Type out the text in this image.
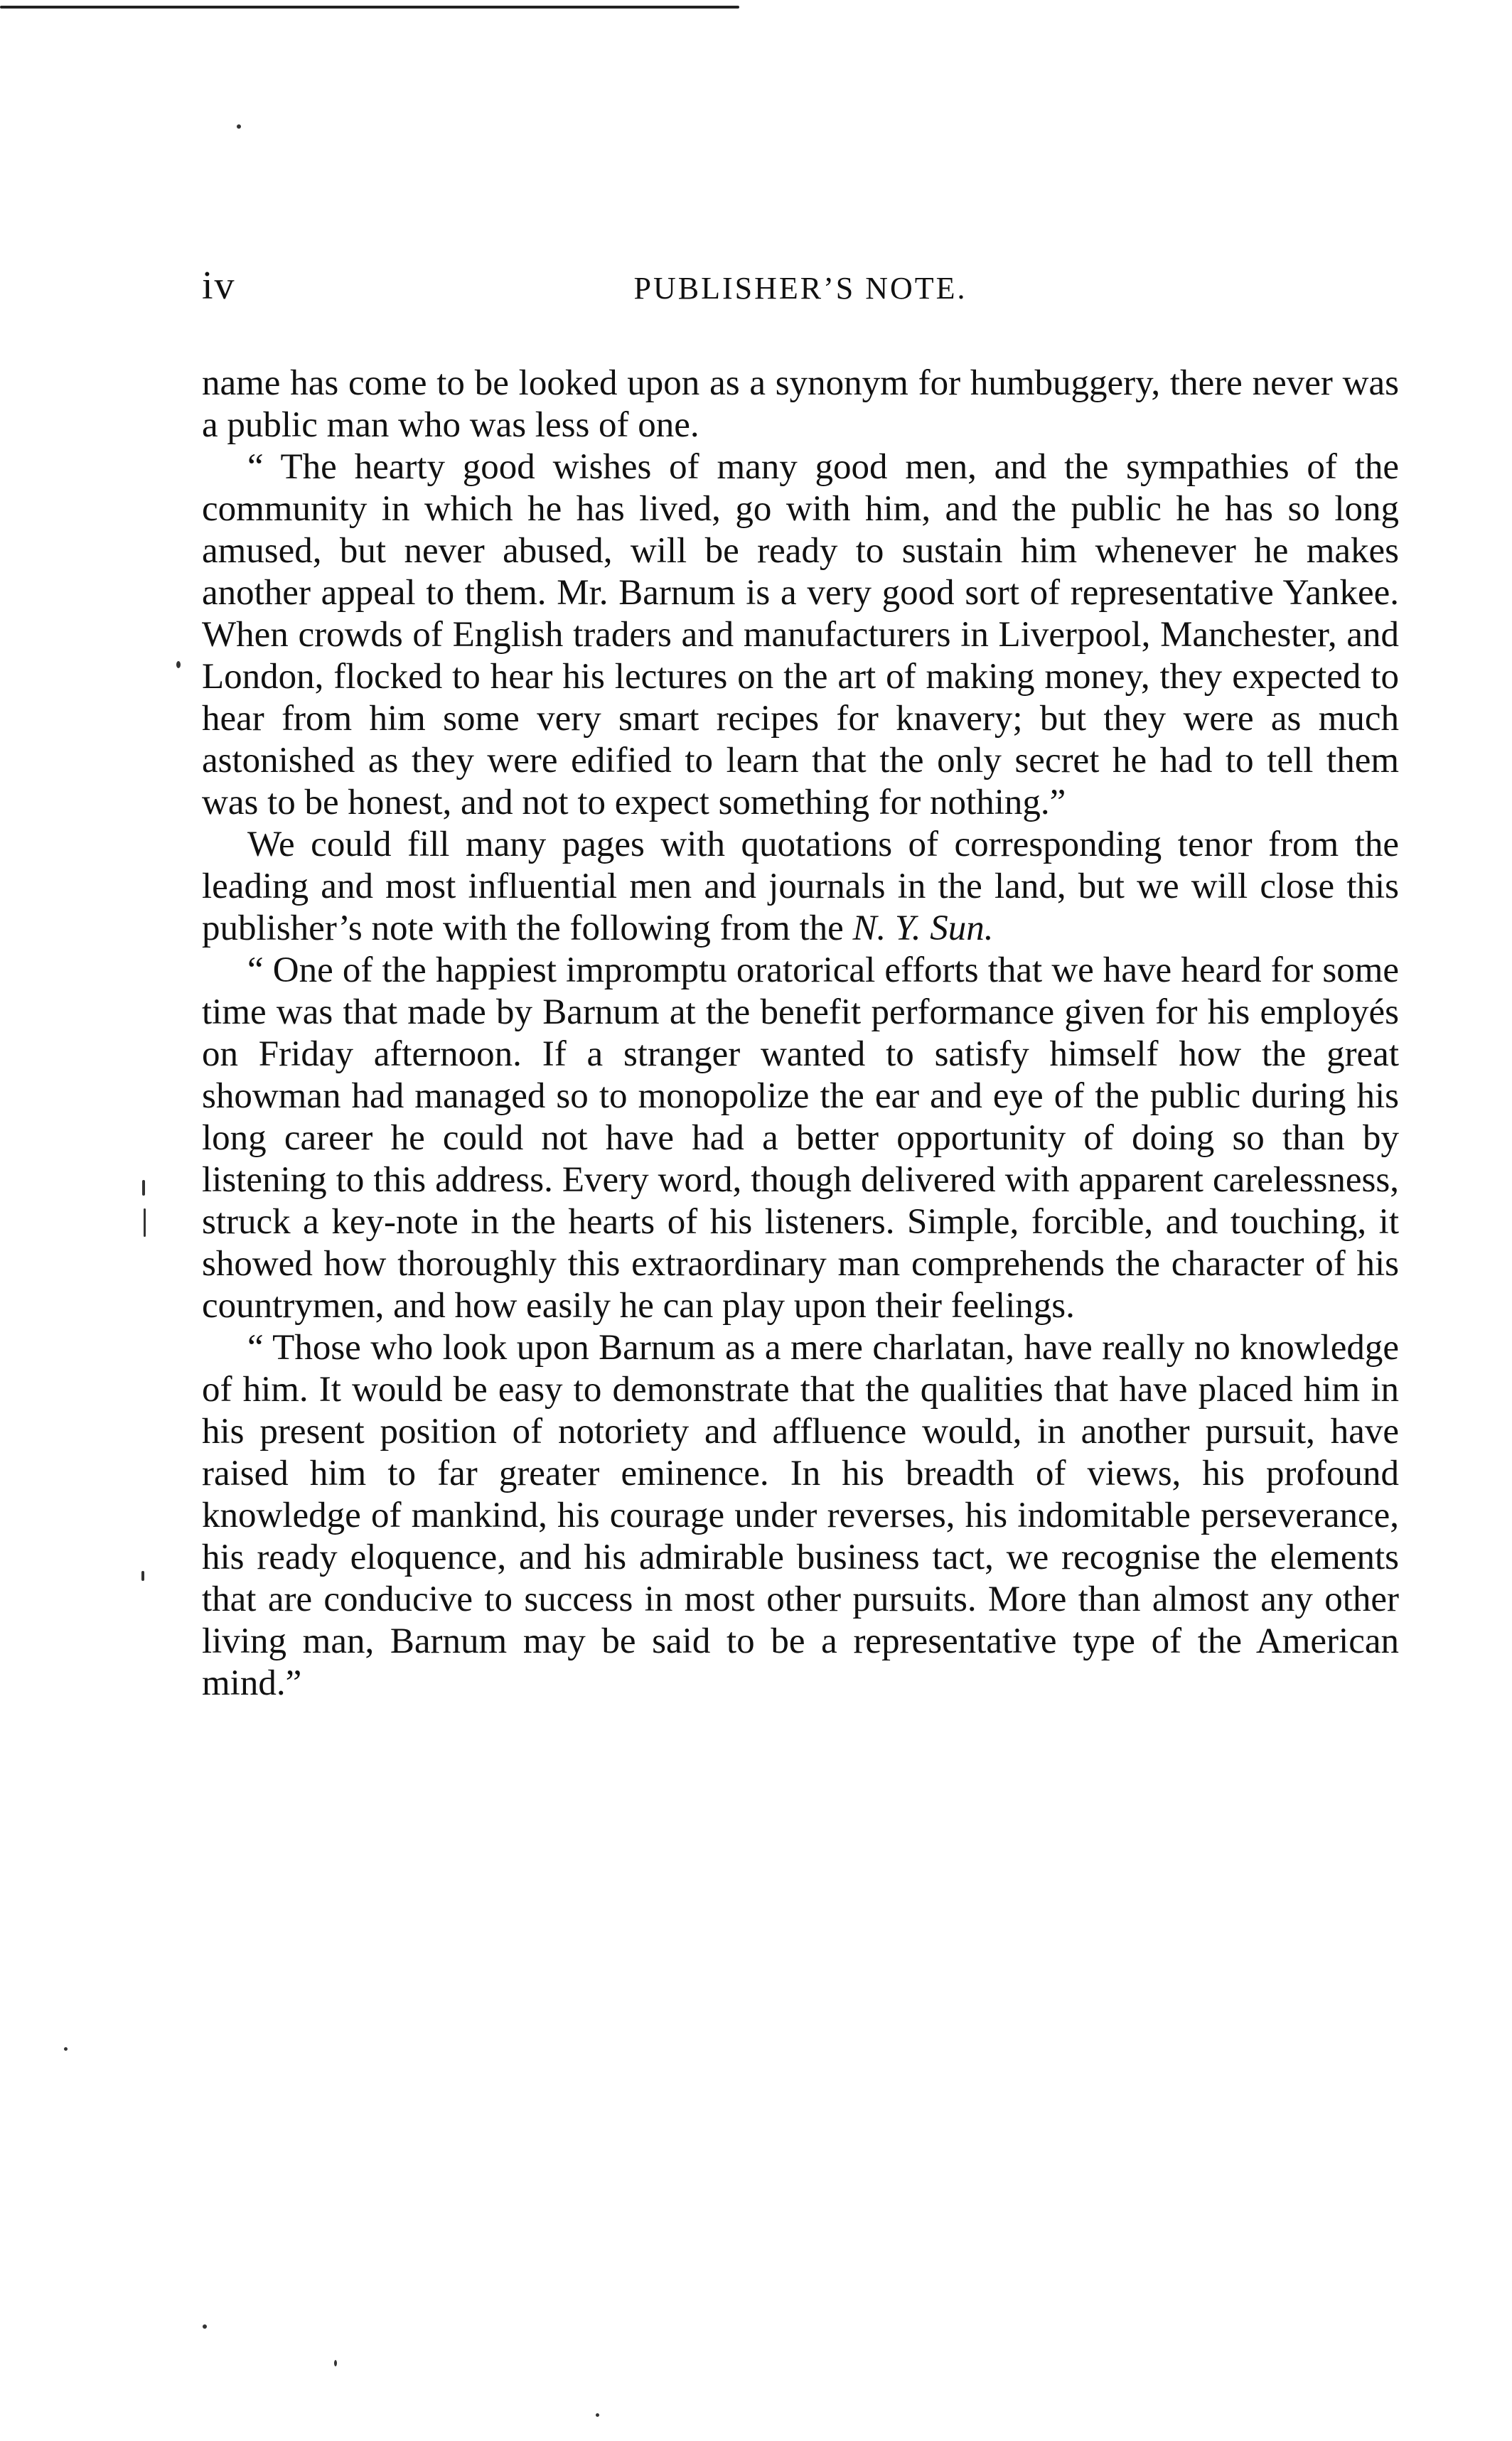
iv	PUBLISHER’S NOTE.

name has come to be looked upon as a synonym for humbuggery, there never was a public man who was less of one.

“ The hearty good wishes of many good men, and the sympathies of the community in which he has lived, go with him, and the public he has so long amused, but never abused, will be ready to sustain him whenever he makes another appeal to them. Mr. Barnum is a very good sort of representative Yankee. When crowds of English traders and manufacturers in Liverpool, Manchester, and London, flocked to hear his lectures on the art of making money, they expected to hear from him some very smart recipes for knavery; but they were as much astonished as they were edified to learn that the only secret he had to tell them was to be honest, and not to expect something for nothing.”

We could fill many pages with quotations of corresponding tenor from the leading and most influential men and journals in the land, but we will close this publisher’s note with the following from the N. Y. Sun.

“ One of the happiest impromptu oratorical efforts that we have heard for some time was that made by Barnum at the benefit performance given for his employés on Friday afternoon. If a stranger wanted to satisfy himself how the great showman had managed so to monopolize the ear and eye of the public during his long career he could not have had a better opportunity of doing so than by listening to this address. Every word, though delivered with apparent carelessness, struck a key-note in the hearts of his listeners. Simple, forcible, and touching, it showed how thoroughly this extraordinary man comprehends the character of his countrymen, and how easily he can play upon their feelings.

“ Those who look upon Barnum as a mere charlatan, have really no knowledge of him. It would be easy to demonstrate that the qualities that have placed him in his present position of notoriety and affluence would, in another pursuit, have raised him to far greater eminence. In his breadth of views, his profound knowledge of mankind, his courage under reverses, his indomitable perseverance, his ready eloquence, and his admirable business tact, we recognise the elements that are conducive to success in most other pursuits. More than almost any other living man, Barnum may be said to be a representative type of the American mind.”
